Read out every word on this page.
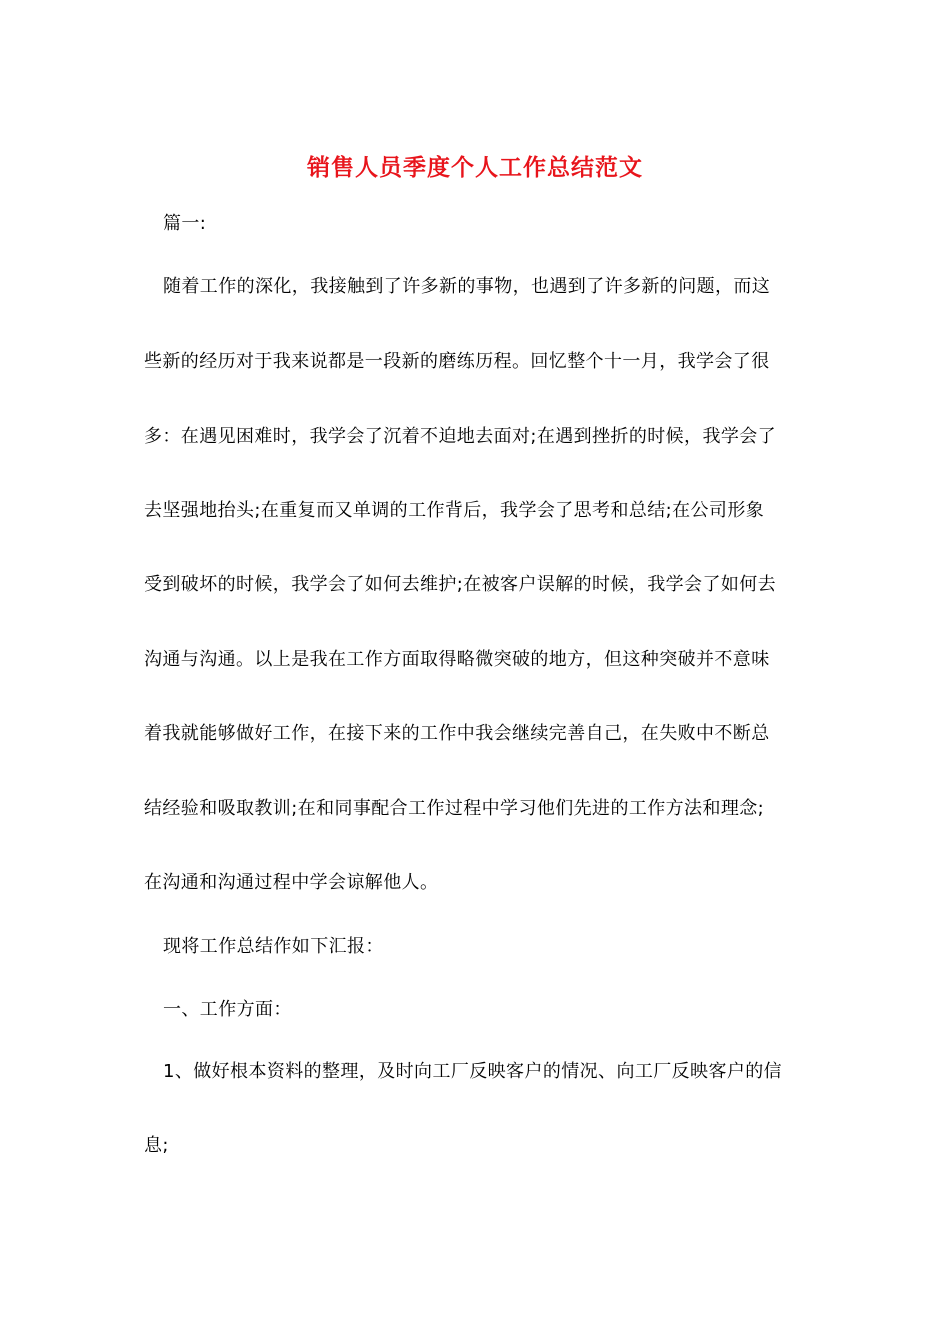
销售人员季度个人工作总结范文
篇一:
随着工作的深化，我接触到了许多新的事物，也遇到了许多新的问题，而这
些新的经历对于我来说都是一段新的磨练历程。回忆整个十一月，我学会了很
多：在遇见困难时，我学会了沉着不迫地去面对;在遇到挫折的时候，我学会了
去坚强地抬头;在重复而又单调的工作背后，我学会了思考和总结;在公司形象
受到破坏的时候，我学会了如何去维护;在被客户误解的时候，我学会了如何去
沟通与沟通。以上是我在工作方面取得略微突破的地方，但这种突破并不意味
着我就能够做好工作，在接下来的工作中我会继续完善自己，在失败中不断总
结经验和吸取教训;在和同事配合工作过程中学习他们先进的工作方法和理念;
在沟通和沟通过程中学会谅解他人。
现将工作总结作如下汇报：
一、工作方面：
1、做好根本资料的整理，及时向工厂反映客户的情况、向工厂反映客户的信
息;
